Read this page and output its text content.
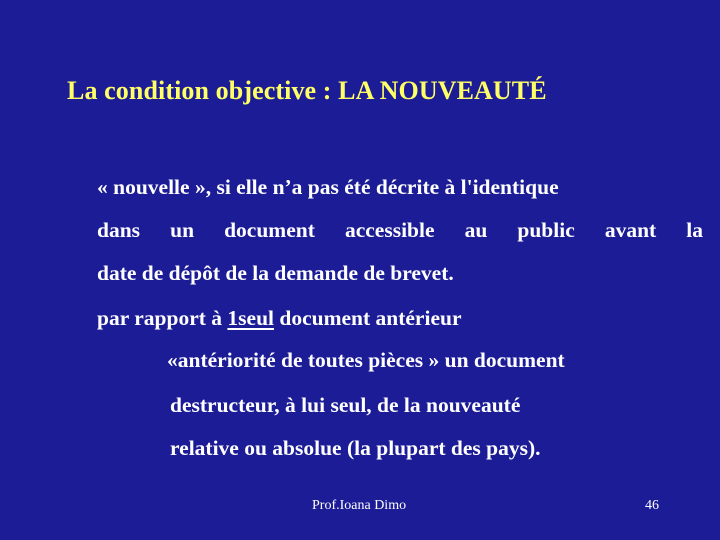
La condition objective : LA NOUVEAUTÉ
« nouvelle », si elle n’a pas été décrite à l'identique
dans un document accessible au public avant la
date de dépôt de la demande de brevet.
par rapport à 1seul document antérieur
«antériorité de toutes pièces » un document
destructeur, à lui seul, de la nouveauté
relative ou absolue (la plupart des pays).
Prof.Ioana Dimo	46
